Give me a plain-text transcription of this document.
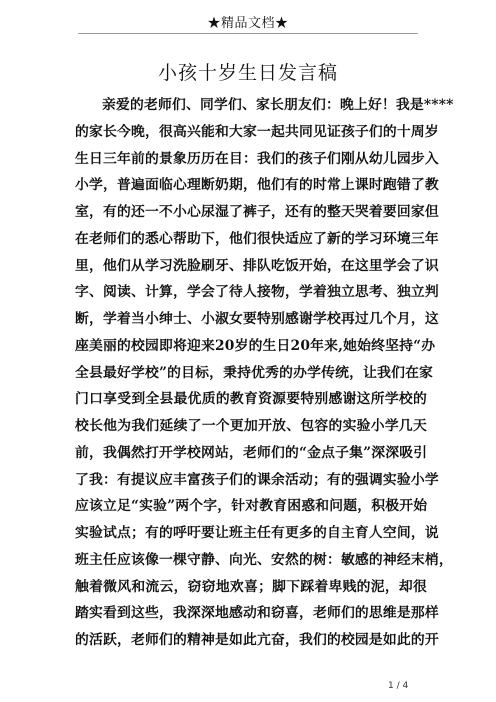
★精品文档★
小孩十岁生日发言稿
亲爱的老师们、同学们、家长朋友们：晚上好！我是****
的家长今晚，很高兴能和大家一起共同见证孩子们的十周岁
生日三年前的景象历历在目：我们的孩子们刚从幼儿园步入
小学，普遍面临心理断奶期，他们有的时常上课时跑错了教
室，有的还一不小心尿湿了裤子，还有的整天哭着要回家但
在老师们的悉心帮助下，他们很快适应了新的学习环境三年
里，他们从学习洗脸刷牙、排队吃饭开始，在这里学会了识
字、阅读、计算，学会了待人接物，学着独立思考、独立判
断，学着当小绅士、小淑女要特别感谢学校再过几个月，这
座美丽的校园即将迎来20岁的生日20年来,她始终坚持“办
全县最好学校”的目标，秉持优秀的办学传统，让我们在家
门口享受到全县最优质的教育资源要特别感谢这所学校的
校长他为我们延续了一个更加开放、包容的实验小学几天
前，我偶然打开学校网站，老师们的“金点子集”深深吸引
了我：有提议应丰富孩子们的课余活动；有的强调实验小学
应该立足“实验”两个字，针对教育困惑和问题，积极开始
实验试点；有的呼吁要让班主任有更多的自主育人空间，说
班主任应该像一棵守静、向光、安然的树：敏感的神经末梢，
触着微风和流云，窃窃地欢喜；脚下踩着卑贱的泥，却很
踏实看到这些，我深深地感动和窃喜，老师们的思维是那样
的活跃，老师们的精神是如此亢奋，我们的校园是如此的开
1 / 4
